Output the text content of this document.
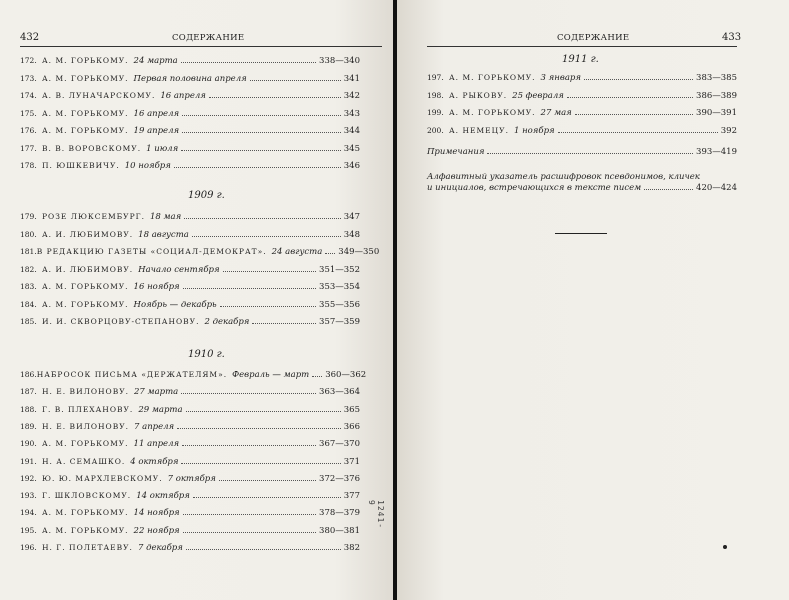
432	СОДЕРЖАНИЕ
172. А. М. ГОРЬКОМУ. 24 марта	338—340
173. А. М. ГОРЬКОМУ. Первая половина апреля	341
174. А. В. ЛУНАЧАРСКОМУ. 16 апреля	342
175. А. М. ГОРЬКОМУ. 16 апреля	343
176. А. М. ГОРЬКОМУ. 19 апреля	344
177. В. В. ВОРОВСКОМУ. 1 июля	345
178. П. ЮШКЕВИЧУ. 10 ноября	346
1909 г.
179. РОЗЕ ЛЮКСЕМБУРГ. 18 мая	347
180. А. И. ЛЮБИМОВУ. 18 августа	348
181. В РЕДАКЦИЮ ГАЗЕТЫ «СОЦИАЛ-ДЕМОКРАТ». 24 августа 349—350
182. А. И. ЛЮБИМОВУ. Начало сентября	351—352
183. А. М. ГОРЬКОМУ. 16 ноября	353—354
184. А. М. ГОРЬКОМУ. Ноябрь — декабрь	355—356
185. И. И. СКВОРЦОВУ-СТЕПАНОВУ. 2 декабря	357—359
1910 г.
186. НАБРОСОК ПИСЬМА «ДЕРЖАТЕЛЯМ». Февраль — март 360—362
187. Н. Е. ВИЛОНОВУ. 27 марта	363—364
188. Г. В. ПЛЕХАНОВУ. 29 марта	365
189. Н. Е. ВИЛОНОВУ. 7 апреля	366
190. А. М. ГОРЬКОМУ. 11 апреля	367—370
191. Н. А. СЕМАШКО. 4 октября	371
192. Ю. Ю. МАРХЛЕВСКОМУ. 7 октября	372—376
193. Г. ШКЛОВСКОМУ. 14 октября	377
194. А. М. ГОРЬКОМУ. 14 ноября	378—379
195. А. М. ГОРЬКОМУ. 22 ноября	380—381
196. Н. Г. ПОЛЕТАЕВУ. 7 декабря	382
1241-9
СОДЕРЖАНИЕ	433
1911 г.
197. А. М. ГОРЬКОМУ. 3 января	383—385
198. А. РЫКОВУ. 25 февраля	386—389
199. А. М. ГОРЬКОМУ. 27 мая	390—391
200. А. НЕМЕЦУ. 1 ноября	392
Примечания	393—419
Алфавитный указатель расшифровок псевдонимов, кличек
и инициалов, встречающихся в тексте писем	420—424
